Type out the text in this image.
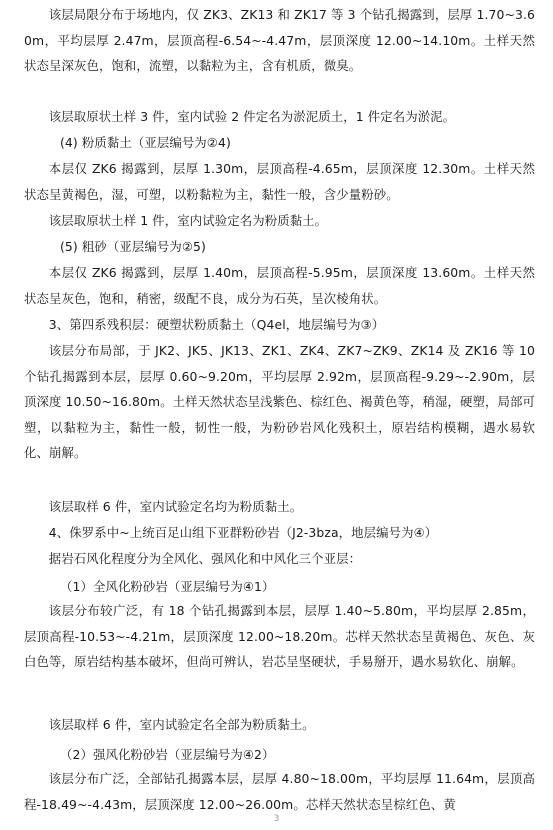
该层局限分布于场地内，仅 ZK3、ZK13 和 ZK17 等 3 个钻孔揭露到，层厚 1.70~3.60m，平均层厚 2.47m，层顶高程-6.54~-4.47m，层顶深度 12.00~14.10m。土样天然状态呈深灰色，饱和，流塑，以黏粒为主，含有机质，微臭。

该层取原状土样 3 件，室内试验 2 件定名为淤泥质土，1 件定名为淤泥。

(4) 粉质黏土（亚层编号为②4)

本层仅 ZK6 揭露到，层厚 1.30m，层顶高程-4.65m，层顶深度 12.30m。土样天然状态呈黄褐色，湿，可塑，以粉黏粒为主，黏性一般，含少量粉砂。

该层取原状土样 1 件，室内试验定名为粉质黏土。

(5) 粗砂（亚层编号为②5)

本层仅 ZK6 揭露到，层厚 1.40m，层顶高程-5.95m，层顶深度 13.60m。土样天然状态呈灰色，饱和，稍密，级配不良，成分为石英，呈次棱角状。

3、第四系残积层：硬塑状粉质黏土（Q4el，地层编号为③）

该层分布局部，于 JK2、JK5、JK13、ZK1、ZK4、ZK7~ZK9、ZK14 及 ZK16 等 10 个钻孔揭露到本层，层厚 0.60~9.20m，平均层厚 2.92m，层顶高程-9.29~-2.90m，层顶深度 10.50~16.80m。土样天然状态呈浅紫色、棕红色、褐黄色等，稍湿，硬塑，局部可塑，以黏粒为主，黏性一般，韧性一般，为粉砂岩风化残积土，原岩结构模糊，遇水易软化、崩解。

该层取样 6 件，室内试验定名均为粉质黏土。

4、侏罗系中~上统百足山组下亚群粉砂岩（J2-3bza，地层编号为④）

据岩石风化程度分为全风化、强风化和中风化三个亚层：

（1）全风化粉砂岩（亚层编号为④1）

该层分布较广泛，有 18 个钻孔揭露到本层，层厚 1.40~5.80m，平均层厚 2.85m，层顶高程-10.53~-4.21m，层顶深度 12.00~18.20m。芯样天然状态呈黄褐色、灰色、灰白色等，原岩结构基本破坏，但尚可辨认，岩芯呈坚硬状，手易掰开，遇水易软化、崩解。

该层取样 6 件，室内试验定名全部为粉质黏土。

（2）强风化粉砂岩（亚层编号为④2）

该层分布广泛，全部钻孔揭露本层，层厚 4.80~18.00m，平均层厚 11.64m，层顶高程-18.49~-4.43m，层顶深度 12.00~26.00m。芯样天然状态呈棕红色、黄

3
